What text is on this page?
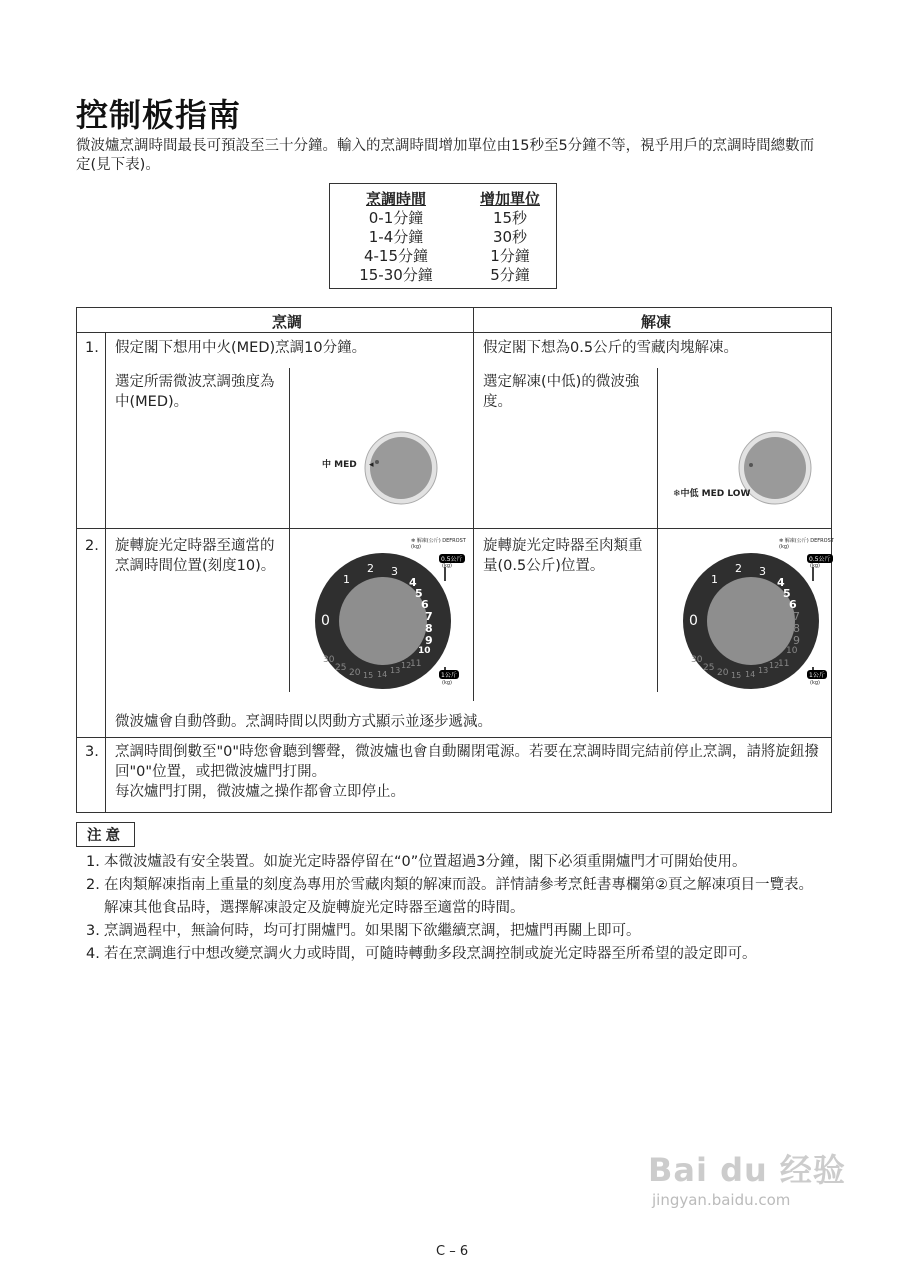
控制板指南
微波爐烹調時間最長可預設至三十分鐘。輸入的烹調時間增加單位由15秒至5分鐘不等，視乎用戶的烹調時間總數而定(見下表)。
烹調時間
0-1分鐘
1-4分鐘
4-15分鐘
15-30分鐘
增加單位
15秒
30秒
1分鐘
5分鐘
烹調	解凍
1. 假定閣下想用中火(MED)烹調10分鐘。	假定閣下想為0.5公斤的雪藏肉塊解凍。
選定所需微波烹調強度為中(MED)。
選定解凍(中低)的微波強度。
中 MED ◂
❄中低 MED LOW
2. 旋轉旋光定時器至適當的烹調時間位置(刻度10)。
旋轉旋光定時器至肉類重量(0.5公斤)位置。
微波爐會自動啓動。烹調時間以閃動方式顯示並逐步遞減。
❄ 解凍(公斤) DEFROST (kg)
0.5公斤
(kg)
1公斤
(kg)
0
1
2 3
4
5
6
7
8
9
10
11
30
25 20 15 14 13
12
❄ 解凍(公斤) DEFROST (kg)
0.5公斤
(kg)
1公斤
(kg)
0
1
2 3
4
5
6
7
8
9
10
11
30
25 20 15 14 13
12
3. 烹調時間倒數至"0"時您會聽到響聲，微波爐也會自動關閉電源。若要在烹調時間完結前停止烹調，請將旋鈕撥回"0"位置，或把微波爐門打開。
每次爐門打開，微波爐之操作都會立即停止。
注意
1. 本微波爐設有安全裝置。如旋光定時器停留在“0”位置超過3分鐘，閣下必須重開爐門才可開始使用。
2. 在肉類解凍指南上重量的刻度為專用於雪藏肉類的解凍而設。詳情請參考烹飪書專欄第②頁之解凍項目一覽表。
解凍其他食品時，選擇解凍設定及旋轉旋光定時器至適當的時間。
3. 烹調過程中，無論何時，均可打開爐門。如果閣下欲繼續烹調，把爐門再關上即可。
4. 若在烹調進行中想改變烹調火力或時間，可隨時轉動多段烹調控制或旋光定時器至所希望的設定即可。
Bai du 经验
jingyan.baidu.com
C – 6
